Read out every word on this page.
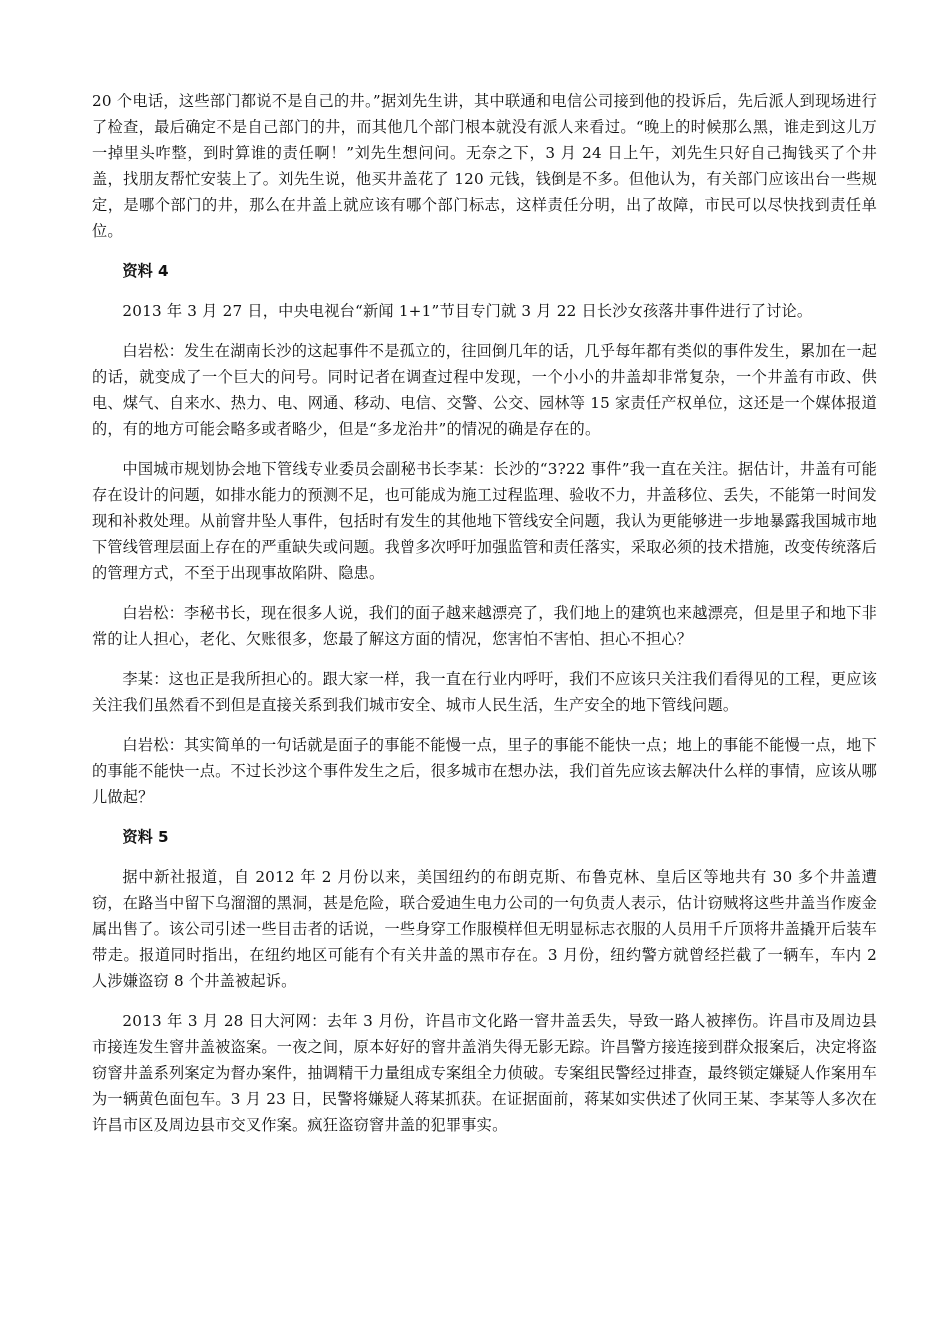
20 个电话，这些部门都说不是自己的井。”据刘先生讲，其中联通和电信公司接到他的投诉后，先后派人到现场进行了检查，最后确定不是自己部门的井，而其他几个部门根本就没有派人来看过。“晚上的时候那么黑，谁走到这儿万一掉里头咋整，到时算谁的责任啊！”刘先生想问问。无奈之下，3 月 24 日上午，刘先生只好自己掏钱买了个井盖，找朋友帮忙安装上了。刘先生说，他买井盖花了 120 元钱，钱倒是不多。但他认为，有关部门应该出台一些规定，是哪个部门的井，那么在井盖上就应该有哪个部门标志，这样责任分明，出了故障，市民可以尽快找到责任单位。

资料 4

2013 年 3 月 27 日，中央电视台“新闻 1+1”节目专门就 3 月 22 日长沙女孩落井事件进行了讨论。

白岩松：发生在湖南长沙的这起事件不是孤立的，往回倒几年的话，几乎每年都有类似的事件发生，累加在一起的话，就变成了一个巨大的问号。同时记者在调查过程中发现，一个小小的井盖却非常复杂，一个井盖有市政、供电、煤气、自来水、热力、电、网通、移动、电信、交警、公交、园林等 15 家责任产权单位，这还是一个媒体报道的，有的地方可能会略多或者略少，但是“多龙治井”的情况的确是存在的。

中国城市规划协会地下管线专业委员会副秘书长李某：长沙的“3?22 事件”我一直在关注。据估计，井盖有可能存在设计的问题，如排水能力的预测不足，也可能成为施工过程监理、验收不力，井盖移位、丢失，不能第一时间发现和补救处理。从前窨井坠人事件，包括时有发生的其他地下管线安全问题，我认为更能够进一步地暴露我国城市地下管线管理层面上存在的严重缺失或问题。我曾多次呼吁加强监管和责任落实，采取必须的技术措施，改变传统落后的管理方式，不至于出现事故陷阱、隐患。

白岩松：李秘书长，现在很多人说，我们的面子越来越漂亮了，我们地上的建筑也来越漂亮，但是里子和地下非常的让人担心，老化、欠账很多，您最了解这方面的情况，您害怕不害怕、担心不担心？

李某：这也正是我所担心的。跟大家一样，我一直在行业内呼吁，我们不应该只关注我们看得见的工程，更应该关注我们虽然看不到但是直接关系到我们城市安全、城市人民生活，生产安全的地下管线问题。

白岩松：其实简单的一句话就是面子的事能不能慢一点，里子的事能不能快一点；地上的事能不能慢一点，地下的事能不能快一点。不过长沙这个事件发生之后，很多城市在想办法，我们首先应该去解决什么样的事情，应该从哪儿做起？

资料 5

据中新社报道，自 2012 年 2 月份以来，美国纽约的布朗克斯、布鲁克林、皇后区等地共有 30 多个井盖遭窃，在路当中留下乌溜溜的黑洞，甚是危险，联合爱迪生电力公司的一句负责人表示，估计窃贼将这些井盖当作废金属出售了。该公司引述一些目击者的话说，一些身穿工作服模样但无明显标志衣服的人员用千斤顶将井盖撬开后装车带走。报道同时指出，在纽约地区可能有个有关井盖的黑市存在。3 月份，纽约警方就曾经拦截了一辆车，车内 2 人涉嫌盗窃 8 个井盖被起诉。

2013 年 3 月 28 日大河网：去年 3 月份，许昌市文化路一窨井盖丢失，导致一路人被摔伤。许昌市及周边县市接连发生窨井盖被盗案。一夜之间，原本好好的窨井盖消失得无影无踪。许昌警方接连接到群众报案后，决定将盗窃窨井盖系列案定为督办案件，抽调精干力量组成专案组全力侦破。专案组民警经过排查，最终锁定嫌疑人作案用车为一辆黄色面包车。3 月 23 日，民警将嫌疑人蒋某抓获。在证据面前，蒋某如实供述了伙同王某、李某等人多次在许昌市区及周边县市交叉作案。疯狂盗窃窨井盖的犯罪事实。
